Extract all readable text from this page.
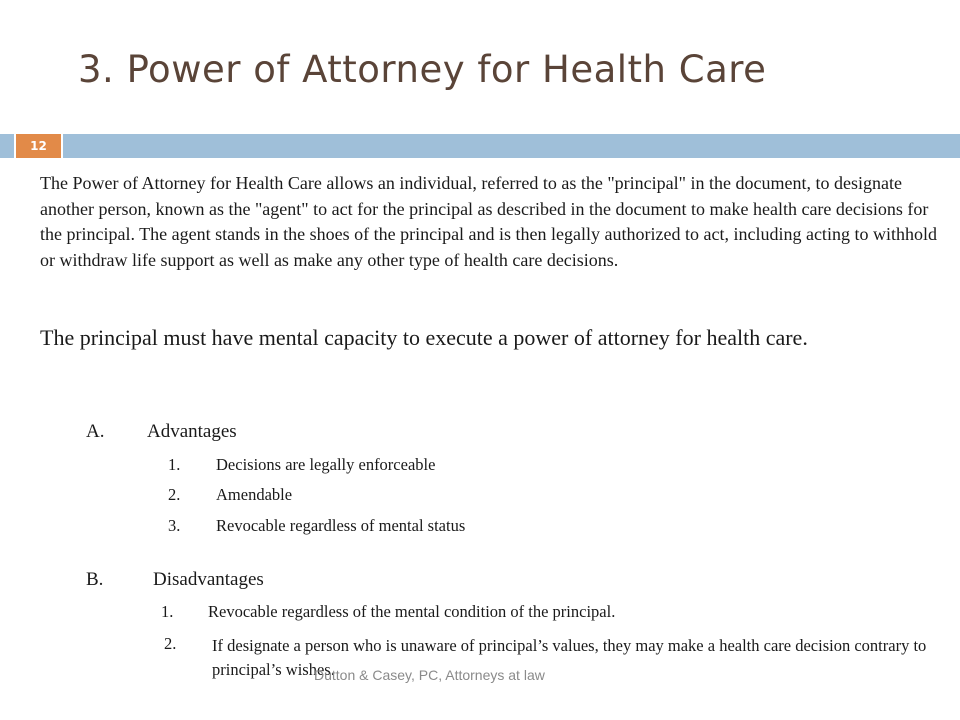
3. Power of Attorney for Health Care
12

The Power of Attorney for Health Care allows an individual, referred to as the "principal" in the document, to designate another person, known as the "agent" to act for the principal as described in the document to make health care decisions for the principal. The agent stands in the shoes of the principal and is then legally authorized to act, including acting to withhold or withdraw life support as well as make any other type of health care decisions.

The principal must have mental capacity to execute a power of attorney for health care.

A. Advantages
1. Decisions are legally enforceable
2. Amendable
3. Revocable regardless of mental status
B.	Disadvantages
1. Revocable regardless of the mental condition of the principal.
2. If designate a person who is unaware of principal’s values, they may make a health care decision contrary to principal’s wishes.
Dutton & Casey, PC, Attorneys at law
